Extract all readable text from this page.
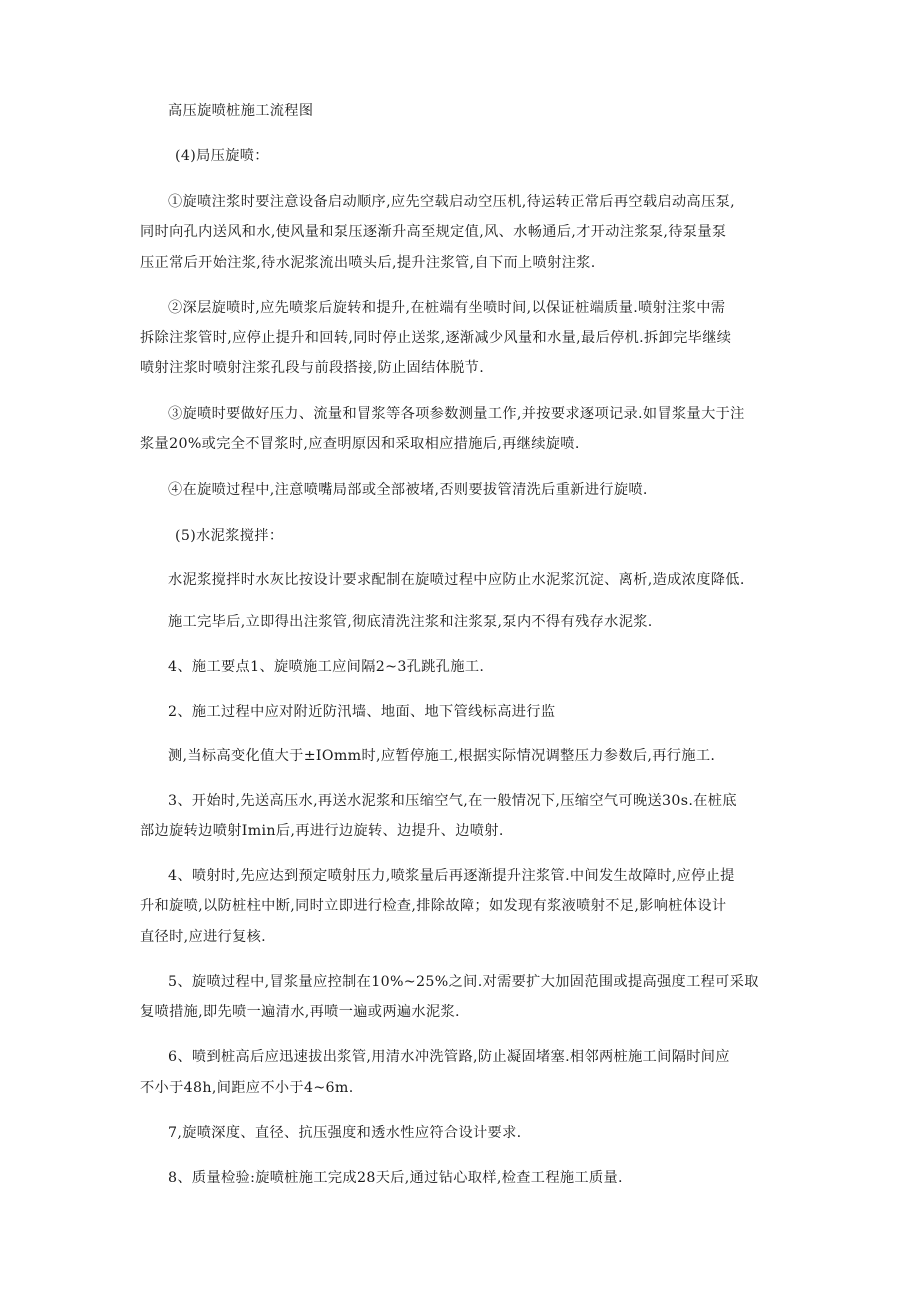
高压旋喷桩施工流程图
(4)局压旋喷：
①旋喷注浆时要注意设备启动顺序,应先空载启动空压机,待运转正常后再空载启动高压泵,
同时向孔内送风和水,使风量和泵压逐渐升高至规定值,风、水畅通后,才开动注浆泵,待泵量泵
压正常后开始注浆,待水泥浆流出喷头后,提升注浆管,自下而上喷射注浆.
②深层旋喷时,应先喷浆后旋转和提升,在桩端有坐喷时间,以保证桩端质量.喷射注浆中需
拆除注浆管时,应停止提升和回转,同时停止送浆,逐渐减少风量和水量,最后停机.拆卸完毕继续
喷射注浆时喷射注浆孔段与前段搭接,防止固结体脱节.
③旋喷时要做好压力、流量和冒浆等各项参数测量工作,并按要求逐项记录.如冒浆量大于注
浆量20%或完全不冒浆时,应查明原因和采取相应措施后,再继续旋喷.
④在旋喷过程中,注意喷嘴局部或全部被堵,否则要拔管清洗后重新进行旋喷.
(5)水泥浆搅拌：
水泥浆搅拌时水灰比按设计要求配制在旋喷过程中应防止水泥浆沉淀、离析,造成浓度降低.
施工完毕后,立即得出注浆管,彻底清洗注浆和注浆泵,泵内不得有残存水泥浆.
4、施工要点1、旋喷施工应间隔2~3孔跳孔施工.
2、施工过程中应对附近防汛墙、地面、地下管线标高进行监
测,当标高变化值大于±IOmm时,应暂停施工,根据实际情况调整压力参数后,再行施工.
3、开始时,先送高压水,再送水泥浆和压缩空气,在一般情况下,压缩空气可晚送30s.在桩底
部边旋转边喷射Imin后,再进行边旋转、边提升、边喷射.
4、喷射时,先应达到预定喷射压力,喷浆量后再逐渐提升注浆管.中间发生故障时,应停止提
升和旋喷,以防桩柱中断,同时立即进行检查,排除故障；如发现有浆液喷射不足,影响桩体设计
直径时,应进行复核.
5、旋喷过程中,冒浆量应控制在10%~25%之间.对需要扩大加固范围或提高强度工程可采取
复喷措施,即先喷一遍清水,再喷一遍或两遍水泥浆.
6、喷到桩高后应迅速拔出浆管,用清水冲洗管路,防止凝固堵塞.相邻两桩施工间隔时间应
不小于48h,间距应不小于4~6m.
7,旋喷深度、直径、抗压强度和透水性应符合设计要求.
8、质量检验:旋喷桩施工完成28天后,通过钻心取样,检查工程施工质量.
